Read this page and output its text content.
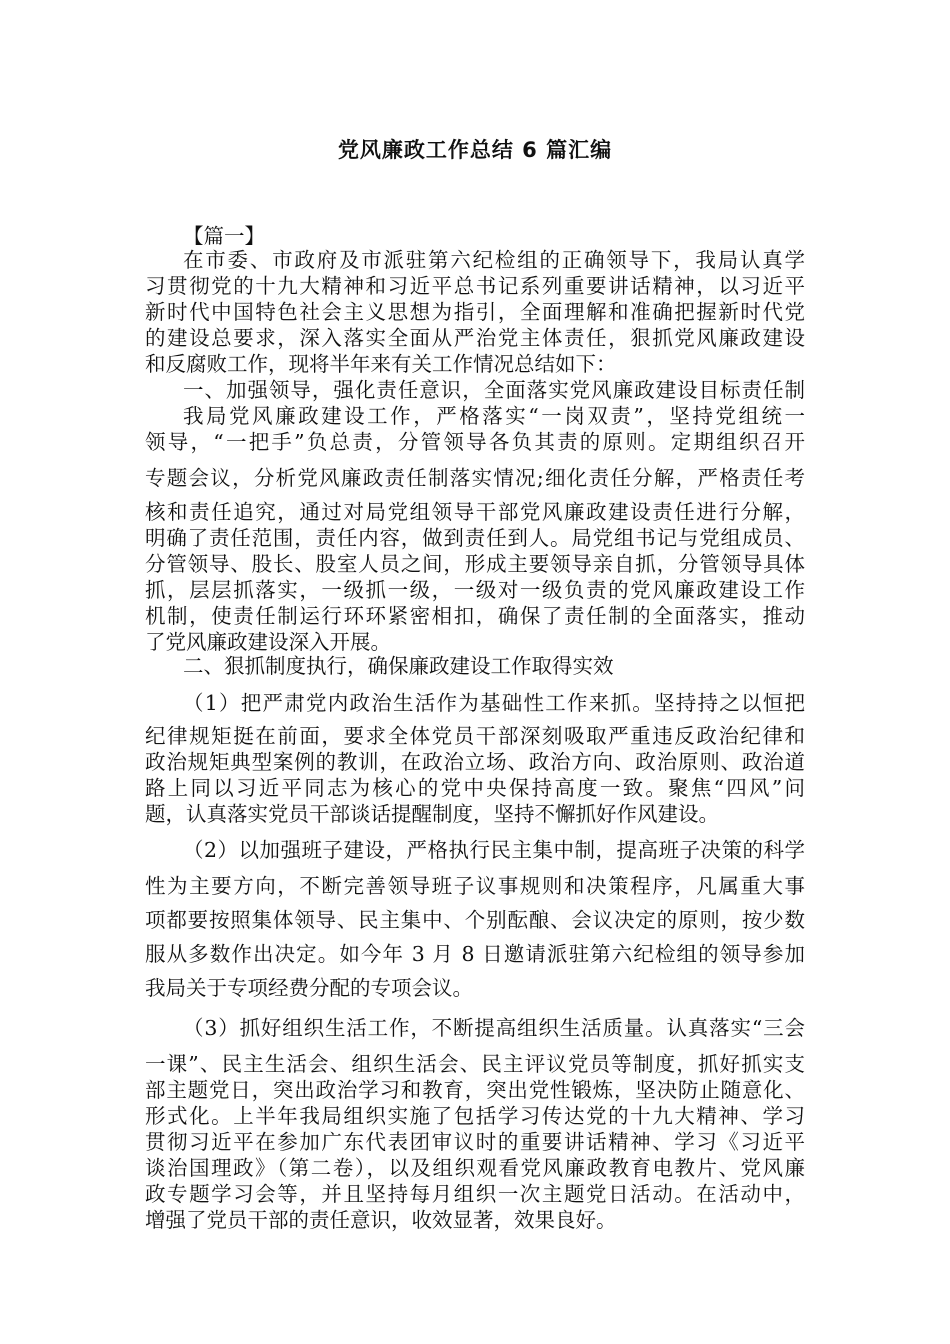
党风廉政工作总结 6 篇汇编
【篇一】
在市委、市政府及市派驻第六纪检组的正确领导下，我局认真学
习贯彻党的十九大精神和习近平总书记系列重要讲话精神，以习近平
新时代中国特色社会主义思想为指引，全面理解和准确把握新时代党
的建设总要求，深入落实全面从严治党主体责任，狠抓党风廉政建设
和反腐败工作，现将半年来有关工作情况总结如下：
一、加强领导，强化责任意识，全面落实党风廉政建设目标责任制
我局党风廉政建设工作，严格落实“一岗双责”，坚持党组统一
领导，“一把手”负总责，分管领导各负其责的原则。定期组织召开
专题会议，分析党风廉政责任制落实情况;细化责任分解，严格责任考
核和责任追究，通过对局党组领导干部党风廉政建设责任进行分解，
明确了责任范围，责任内容，做到责任到人。局党组书记与党组成员、
分管领导、股长、股室人员之间，形成主要领导亲自抓，分管领导具体
抓，层层抓落实，一级抓一级，一级对一级负责的党风廉政建设工作
机制，使责任制运行环环紧密相扣，确保了责任制的全面落实，推动
了党风廉政建设深入开展。
二、狠抓制度执行，确保廉政建设工作取得实效
（1）把严肃党内政治生活作为基础性工作来抓。坚持持之以恒把
纪律规矩挺在前面，要求全体党员干部深刻吸取严重违反政治纪律和
政治规矩典型案例的教训，在政治立场、政治方向、政治原则、政治道
路上同以习近平同志为核心的党中央保持高度一致。聚焦“四风”问
题，认真落实党员干部谈话提醒制度，坚持不懈抓好作风建设。
（2）以加强班子建设，严格执行民主集中制，提高班子决策的科学
性为主要方向，不断完善领导班子议事规则和决策程序，凡属重大事
项都要按照集体领导、民主集中、个别酝酿、会议决定的原则，按少数
服从多数作出决定。如今年 3 月 8 日邀请派驻第六纪检组的领导参加
我局关于专项经费分配的专项会议。
（3）抓好组织生活工作，不断提高组织生活质量。认真落实“三会
一课”、民主生活会、组织生活会、民主评议党员等制度，抓好抓实支
部主题党日，突出政治学习和教育，突出党性锻炼，坚决防止随意化、
形式化。上半年我局组织实施了包括学习传达党的十九大精神、学习
贯彻习近平在参加广东代表团审议时的重要讲话精神、学习《习近平
谈治国理政》（第二卷），以及组织观看党风廉政教育电教片、党风廉
政专题学习会等，并且坚持每月组织一次主题党日活动。在活动中，
增强了党员干部的责任意识，收效显著，效果良好。
